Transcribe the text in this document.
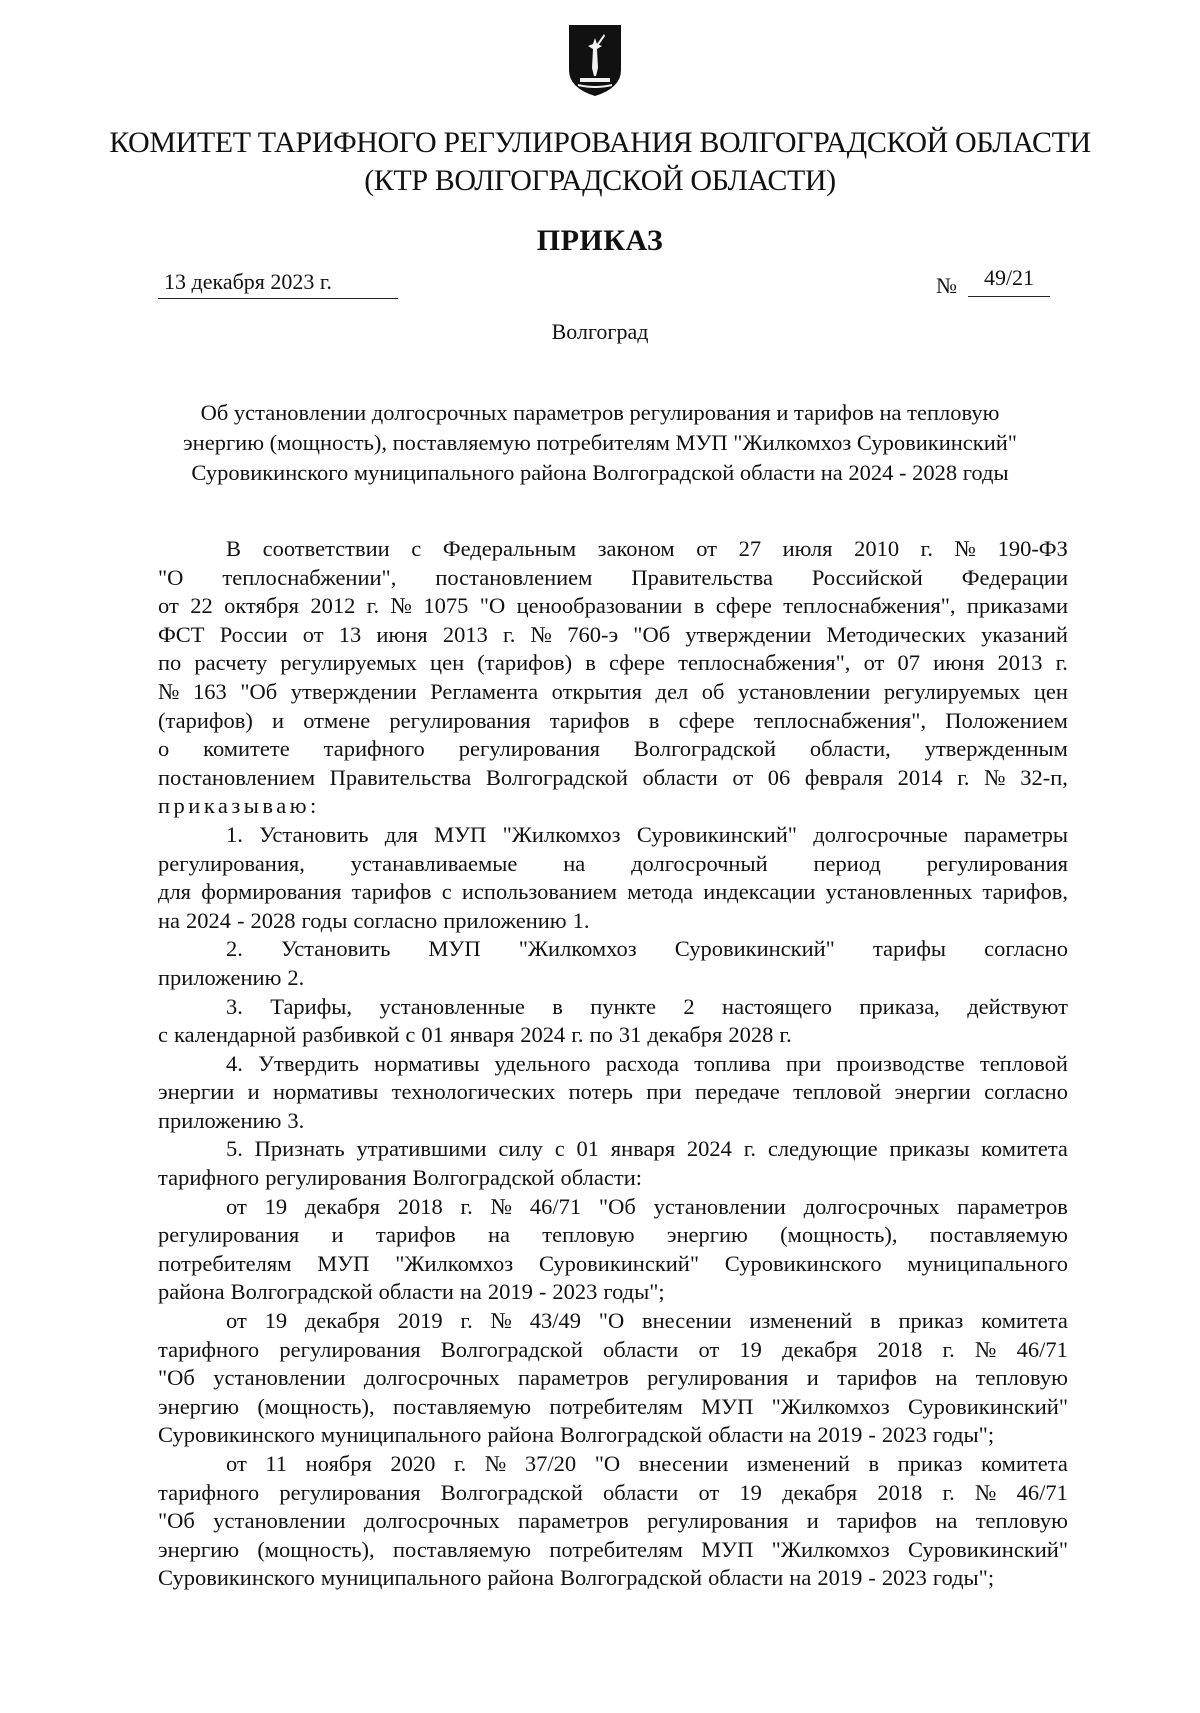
КОМИТЕТ ТАРИФНОГО РЕГУЛИРОВАНИЯ ВОЛГОГРАДСКОЙ ОБЛАСТИ
(КТР ВОЛГОГРАДСКОЙ ОБЛАСТИ)
ПРИКАЗ
13 декабря 2023 г.	№	49/21
Волгоград
Об установлении долгосрочных параметров регулирования и тарифов на тепловую
энергию (мощность), поставляемую потребителям МУП "Жилкомхоз Суровикинский"
Суровикинского муниципального района Волгоградской области на 2024 - 2028 годы
В соответствии с Федеральным законом от 27 июля 2010 г. № 190-ФЗ
"О теплоснабжении", постановлением Правительства Российской Федерации
от 22 октября 2012 г. № 1075 "О ценообразовании в сфере теплоснабжения", приказами
ФСТ России от 13 июня 2013 г. № 760-э "Об утверждении Методических указаний
по расчету регулируемых цен (тарифов) в сфере теплоснабжения", от 07 июня 2013 г.
№ 163 "Об утверждении Регламента открытия дел об установлении регулируемых цен
(тарифов) и отмене регулирования тарифов в сфере теплоснабжения", Положением
о комитете тарифного регулирования Волгоградской области, утвержденным
постановлением Правительства Волгоградской области от 06 февраля 2014 г. № 32-п,
приказываю:
1. Установить для МУП "Жилкомхоз Суровикинский" долгосрочные параметры
регулирования, устанавливаемые на долгосрочный период регулирования
для формирования тарифов с использованием метода индексации установленных тарифов,
на 2024 - 2028 годы согласно приложению 1.
2. Установить МУП "Жилкомхоз Суровикинский" тарифы согласно
приложению 2.
3. Тарифы, установленные в пункте 2 настоящего приказа, действуют
с календарной разбивкой с 01 января 2024 г. по 31 декабря 2028 г.
4. Утвердить нормативы удельного расхода топлива при производстве тепловой
энергии и нормативы технологических потерь при передаче тепловой энергии согласно
приложению 3.
5. Признать утратившими силу с 01 января 2024 г. следующие приказы комитета
тарифного регулирования Волгоградской области:
от 19 декабря 2018 г. № 46/71 "Об установлении долгосрочных параметров
регулирования и тарифов на тепловую энергию (мощность), поставляемую
потребителям МУП "Жилкомхоз Суровикинский" Суровикинского муниципального
района Волгоградской области на 2019 - 2023 годы";
от 19 декабря 2019 г. № 43/49 "О внесении изменений в приказ комитета
тарифного регулирования Волгоградской области от 19 декабря 2018 г. № 46/71
"Об установлении долгосрочных параметров регулирования и тарифов на тепловую
энергию (мощность), поставляемую потребителям МУП "Жилкомхоз Суровикинский"
Суровикинского муниципального района Волгоградской области на 2019 - 2023 годы";
от 11 ноября 2020 г. № 37/20 "О внесении изменений в приказ комитета
тарифного регулирования Волгоградской области от 19 декабря 2018 г. № 46/71
"Об установлении долгосрочных параметров регулирования и тарифов на тепловую
энергию (мощность), поставляемую потребителям МУП "Жилкомхоз Суровикинский"
Суровикинского муниципального района Волгоградской области на 2019 - 2023 годы";
